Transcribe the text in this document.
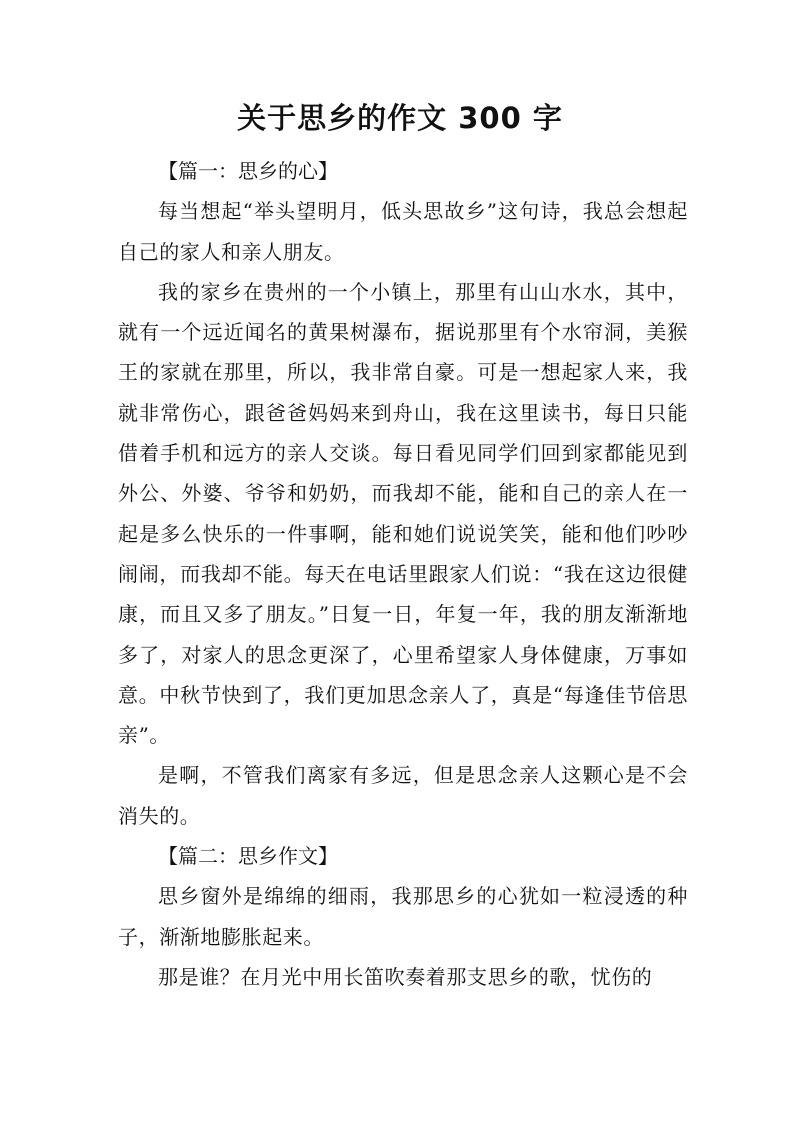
关于思乡的作文 300 字

【篇一：思乡的心】

每当想起“举头望明月，低头思故乡”这句诗，我总会想起自己的家人和亲人朋友。

我的家乡在贵州的一个小镇上，那里有山山水水，其中，就有一个远近闻名的黄果树瀑布，据说那里有个水帘洞，美猴王的家就在那里，所以，我非常自豪。可是一想起家人来，我就非常伤心，跟爸爸妈妈来到舟山，我在这里读书，每日只能借着手机和远方的亲人交谈。每日看见同学们回到家都能见到外公、外婆、爷爷和奶奶，而我却不能，能和自己的亲人在一起是多么快乐的一件事啊，能和她们说说笑笑，能和他们吵吵闹闹，而我却不能。每天在电话里跟家人们说：“我在这边很健康，而且又多了朋友。”日复一日，年复一年，我的朋友渐渐地多了，对家人的思念更深了，心里希望家人身体健康，万事如意。中秋节快到了，我们更加思念亲人了，真是“每逢佳节倍思亲”。

是啊，不管我们离家有多远，但是思念亲人这颗心是不会消失的。

【篇二：思乡作文】

思乡窗外是绵绵的细雨，我那思乡的心犹如一粒浸透的种子，渐渐地膨胀起来。

那是谁？在月光中用长笛吹奏着那支思乡的歌，忧伤的
